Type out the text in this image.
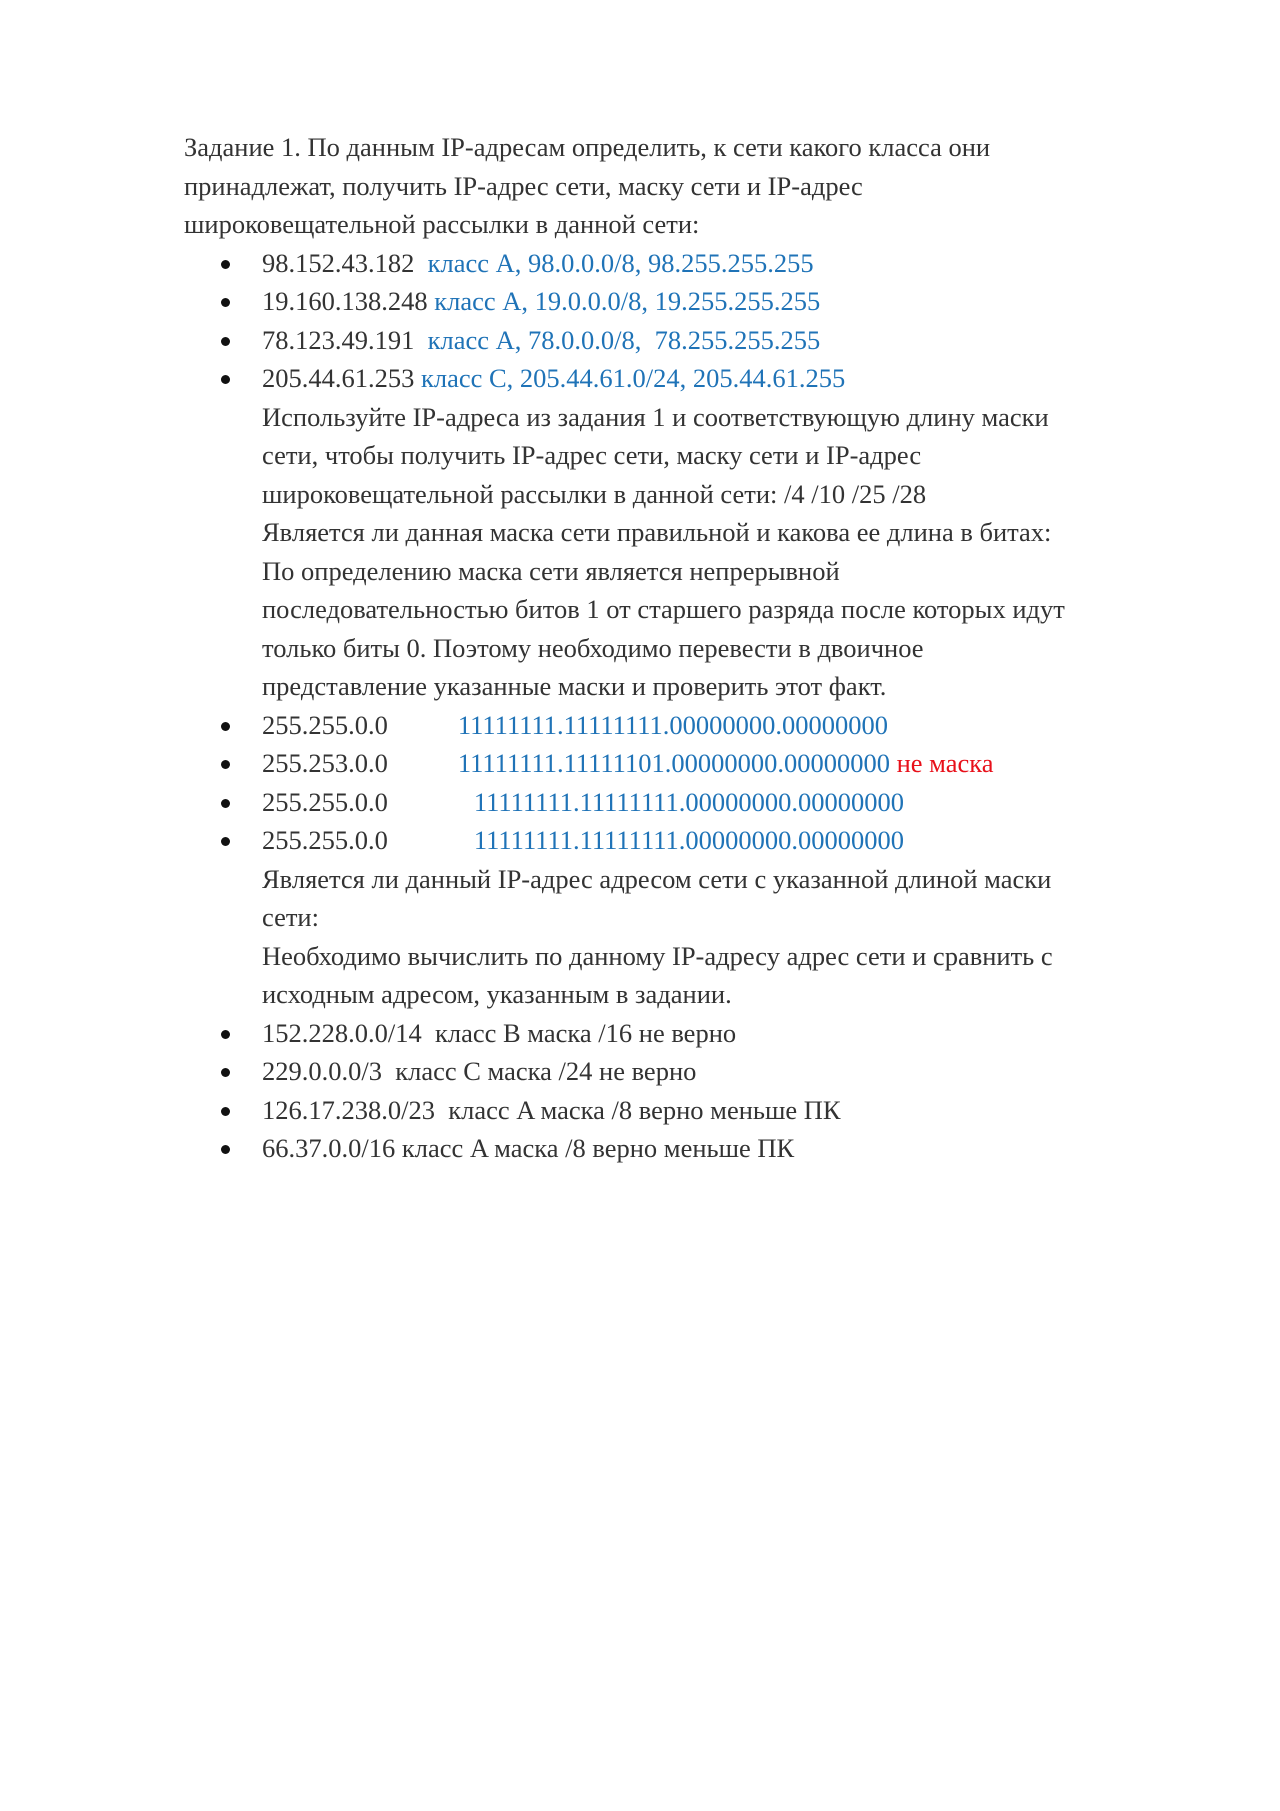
Задание 1. По данным IP-адресам определить, к сети какого класса они
принадлежат, получить IP-адрес сети, маску сети и IP-адрес
широковещательной рассылки в данной сети:
98.152.43.182 класс A, 98.0.0.0/8, 98.255.255.255
19.160.138.248 класс A, 19.0.0.0/8, 19.255.255.255
78.123.49.191 класс A, 78.0.0.0/8,  78.255.255.255
205.44.61.253 класс C, 205.44.61.0/24, 205.44.61.255
Используйте IP-адреса из задания 1 и соответствующую длину маски
сети, чтобы получить IP-адрес сети, маску сети и IP-адрес
широковещательной рассылки в данной сети: /4 /10 /25 /28
Является ли данная маска сети правильной и какова ее длина в битах:
По определению маска сети является непрерывной
последовательностью битов 1 от старшего разряда после которых идут
только биты 0. Поэтому необходимо перевести в двоичное
представление указанные маски и проверить этот факт.
255.255.0.0	11111111.11111111.00000000.00000000
255.253.0.0	11111111.11111101.00000000.00000000 не маска
255.255.0.0	11111111.11111111.00000000.00000000
255.255.0.0	11111111.11111111.00000000.00000000
Является ли данный IP-адрес адресом сети с указанной длиной маски
сети:
Необходимо вычислить по данному IP-адресу адрес сети и сравнить с
исходным адресом, указанным в задании.
152.228.0.0/14  класс B маска /16 не верно
229.0.0.0/3  класс C маска /24 не верно
126.17.238.0/23  класс A маска /8 верно меньше ПК
66.37.0.0/16 класс A маска /8 верно меньше ПК
